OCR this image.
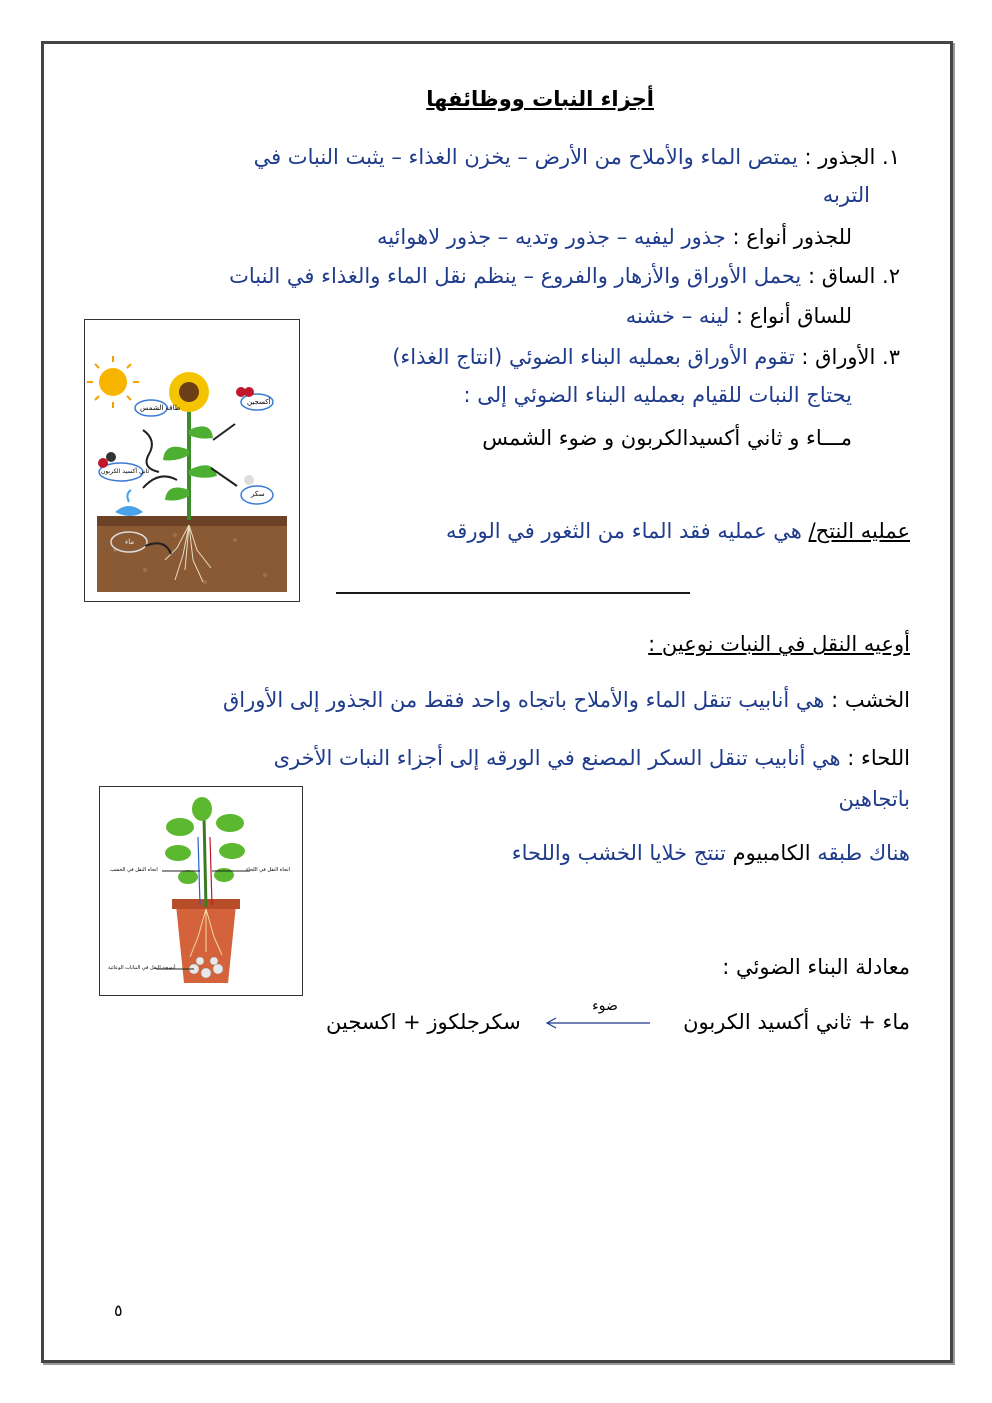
أجزاء النبات ووظائفها
١. الجذور : يمتص الماء والأملاح من الأرض – يخزن الغذاء – يثبت النبات في
التربه
للجذور أنواع : جذور ليفيه – جذور وتديه – جذور لاهوائيه
٢. الساق : يحمل الأوراق والأزهار والفروع – ينظم نقل الماء والغذاء في النبات
للساق أنواع : لينه – خشنه
٣. الأوراق : تقوم الأوراق بعمليه البناء الضوئي (انتاج الغذاء)
يحتاج النبات للقيام بعمليه البناء الضوئي إلى :
مـــاء و ثاني أكسيدالكربون و ضوء الشمس
طاقة الشمس
أكسجين
ثاني أكسيد الكربون
سكر
ماء	عمليه النتح/ هي عمليه فقد الماء من الثغور في الورقه
أوعيه النقل في النبات نوعين :
الخشب : هي أنابيب تنقل الماء والأملاح باتجاه واحد فقط من الجذور إلى الأوراق
اللحاء : هي أنابيب تنقل السكر المصنع في الورقه إلى أجزاء النبات الأخرى
باتجاهين
هناك طبقه الكامبيوم تنتج خلايا الخشب واللحاء
اتجاه النقل في اللحاء
اتجاه النقل في الخشب
أنسجة النقل في النباتات الوعائية	معادلة البناء الضوئي :
ماء + ثاني أكسيد الكربون
ضوء
سكرجلكوز + اكسجين
٥
